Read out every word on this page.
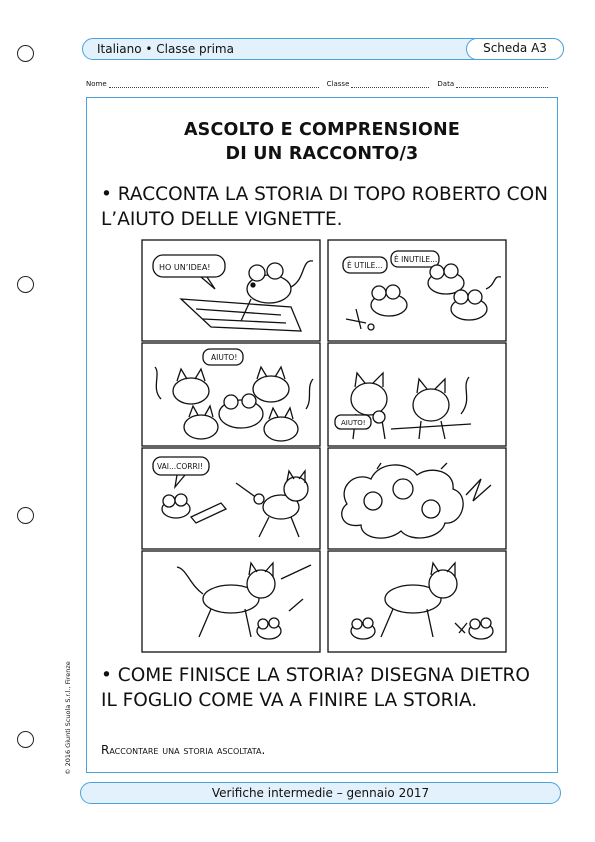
Italiano • Classe prima	Scheda A3
Nome	Classe	Data
ASCOLTO E COMPRENSIONE
DI UN RACCONTO/3
• RACCONTA LA STORIA DI TOPO ROBERTO CON L’AIUTO DELLE VIGNETTE.
HO UN’IDEA!	È UTILE...
È INUTILE...
AIUTO!
AIUTO!
VAI...CORRI!
• COME FINISCE LA STORIA? DISEGNA DIETRO IL FOGLIO COME VA A FINIRE LA STORIA.
Raccontare una storia ascoltata.
© 2016 Giunti Scuola S.r.l., Firenze
Verifiche intermedie – gennaio 2017
